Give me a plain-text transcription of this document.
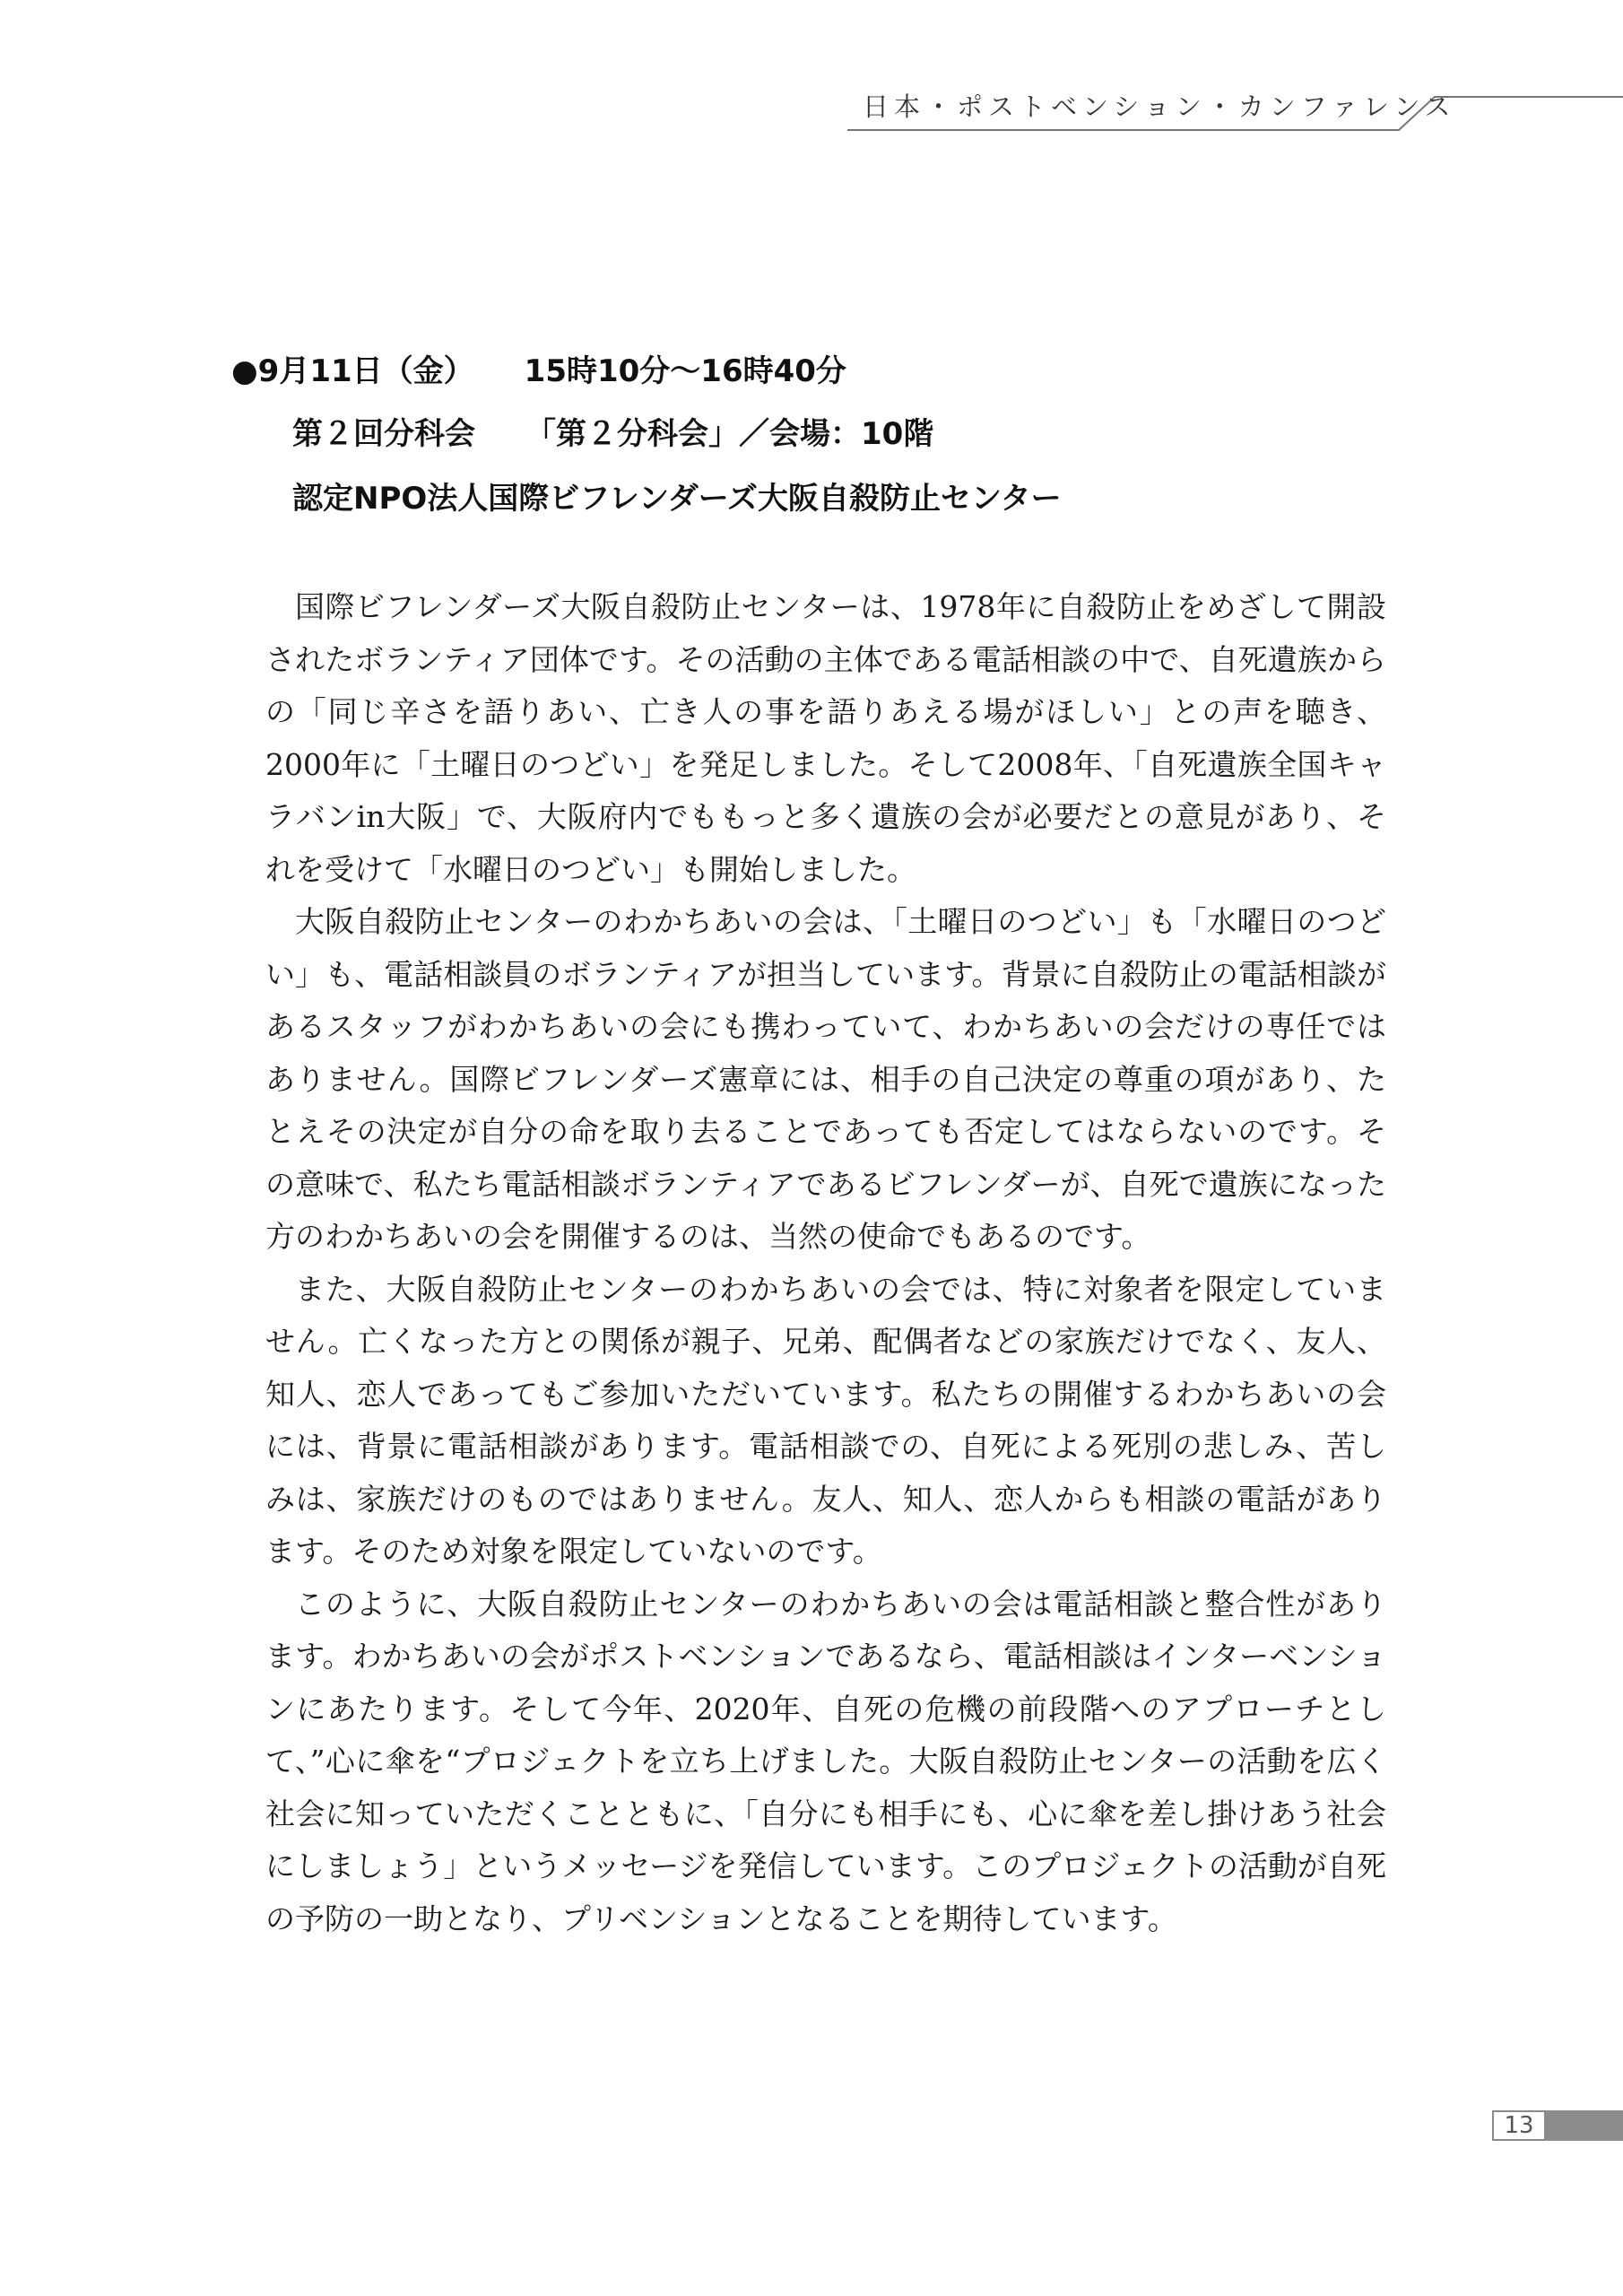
日本・ポストベンション・カンファレンス
●9月11日（金） 15時10分～16時40分
第２回分科会 「第２分科会」／会場：10階
認定NPO法人国際ビフレンダーズ大阪自殺防止センター

国際ビフレンダーズ大阪自殺防止センターは、1978年に自殺防止をめざして開設されたボランティア団体です。その活動の主体である電話相談の中で、自死遺族からの「同じ辛さを語りあい、亡き人の事を語りあえる場がほしい」との声を聴き、2000年に「土曜日のつどい」を発足しました。そして2008年、「自死遺族全国キャラバンin大阪」で、大阪府内でももっと多く遺族の会が必要だとの意見があり、それを受けて「水曜日のつどい」も開始しました。

大阪自殺防止センターのわかちあいの会は、「土曜日のつどい」も「水曜日のつどい」も、電話相談員のボランティアが担当しています。背景に自殺防止の電話相談があるスタッフがわかちあいの会にも携わっていて、わかちあいの会だけの専任ではありません。国際ビフレンダーズ憲章には、相手の自己決定の尊重の項があり、たとえその決定が自分の命を取り去ることであっても否定してはならないのです。その意味で、私たち電話相談ボランティアであるビフレンダーが、自死で遺族になった方のわかちあいの会を開催するのは、当然の使命でもあるのです。

また、大阪自殺防止センターのわかちあいの会では、特に対象者を限定していません。亡くなった方との関係が親子、兄弟、配偶者などの家族だけでなく、友人、知人、恋人であってもご参加いただいています。私たちの開催するわかちあいの会には、背景に電話相談があります。電話相談での、自死による死別の悲しみ、苦しみは、家族だけのものではありません。友人、知人、恋人からも相談の電話があります。そのため対象を限定していないのです。

このように、大阪自殺防止センターのわかちあいの会は電話相談と整合性があります。わかちあいの会がポストベンションであるなら、電話相談はインターベンションにあたります。そして今年、2020年、自死の危機の前段階へのアプローチとして、”心に傘を“プロジェクトを立ち上げました。大阪自殺防止センターの活動を広く社会に知っていただくことともに、「自分にも相手にも、心に傘を差し掛けあう社会にしましょう」というメッセージを発信しています。このプロジェクトの活動が自死の予防の一助となり、プリベンションとなることを期待しています。

13
